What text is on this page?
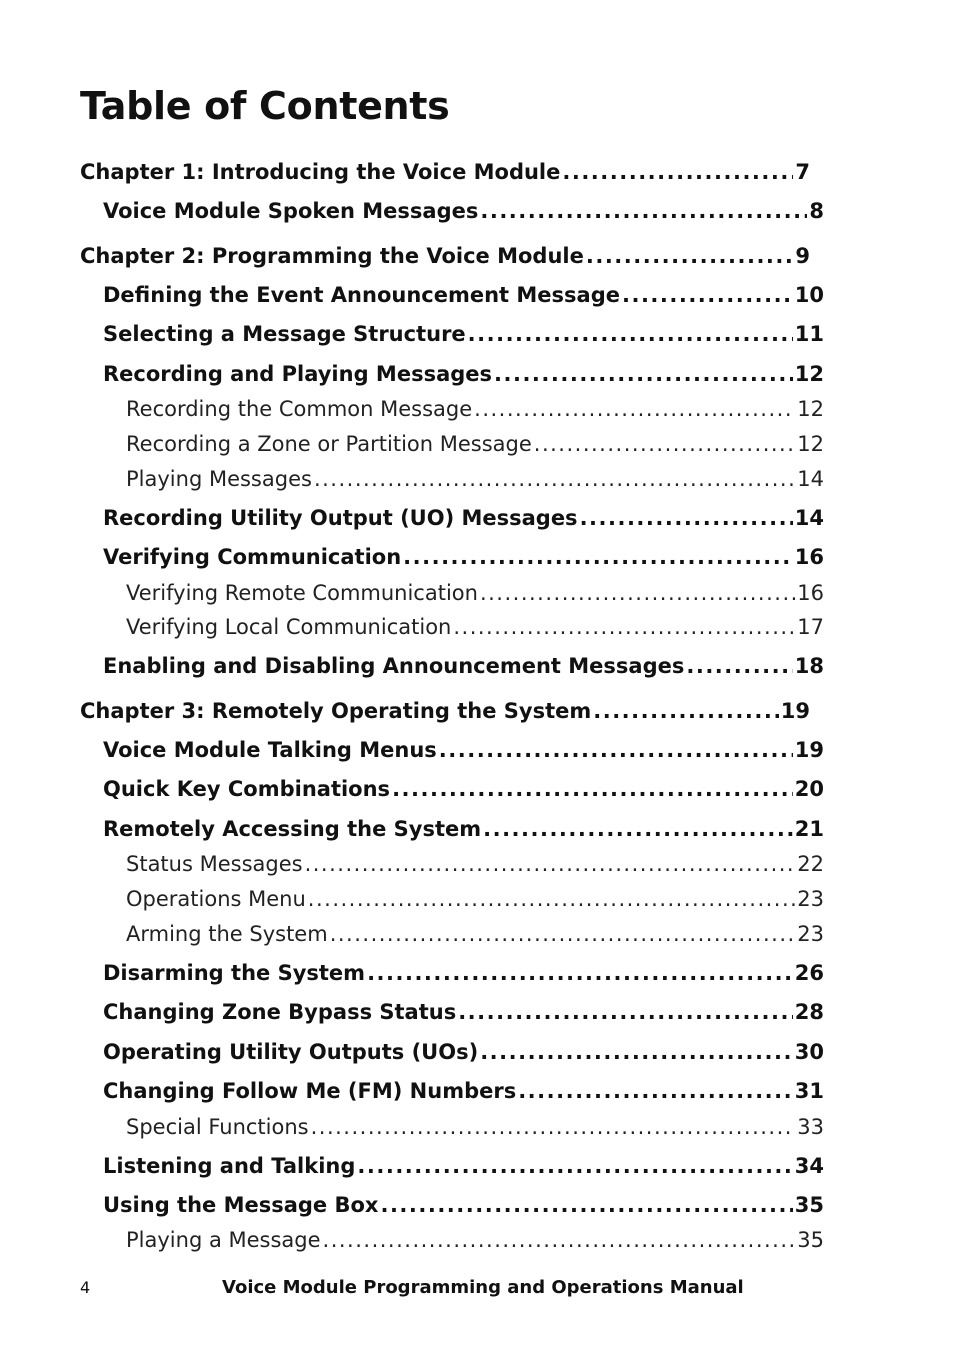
Table of Contents
Chapter 1: Introducing the Voice Module .....	7
Voice Module Spoken Messages .....	8
Chapter 2: Programming the Voice Module .....	9
Defining the Event Announcement Message .....	10
Selecting a Message Structure .....	11
Recording and Playing Messages .....	12
Recording the Common Message .....	12
Recording a Zone or Partition Message .....	12
Playing Messages .....	14
Recording Utility Output (UO) Messages .....	14
Verifying Communication .....	16
Verifying Remote Communication .....	16
Verifying Local Communication .....	17
Enabling and Disabling Announcement Messages .....	18
Chapter 3: Remotely Operating the System .....	19
Voice Module Talking Menus .....	19
Quick Key Combinations .....	20
Remotely Accessing the System .....	21
Status Messages .....	22
Operations Menu .....	23
Arming the System .....	23
Disarming the System .....	26
Changing Zone Bypass Status .....	28
Operating Utility Outputs (UOs) .....	30
Changing Follow Me (FM) Numbers .....	31
Special Functions .....	33
Listening and Talking .....	34
Using the Message Box .....	35
Playing a Message .....	35
4	Voice Module Programming and Operations Manual
